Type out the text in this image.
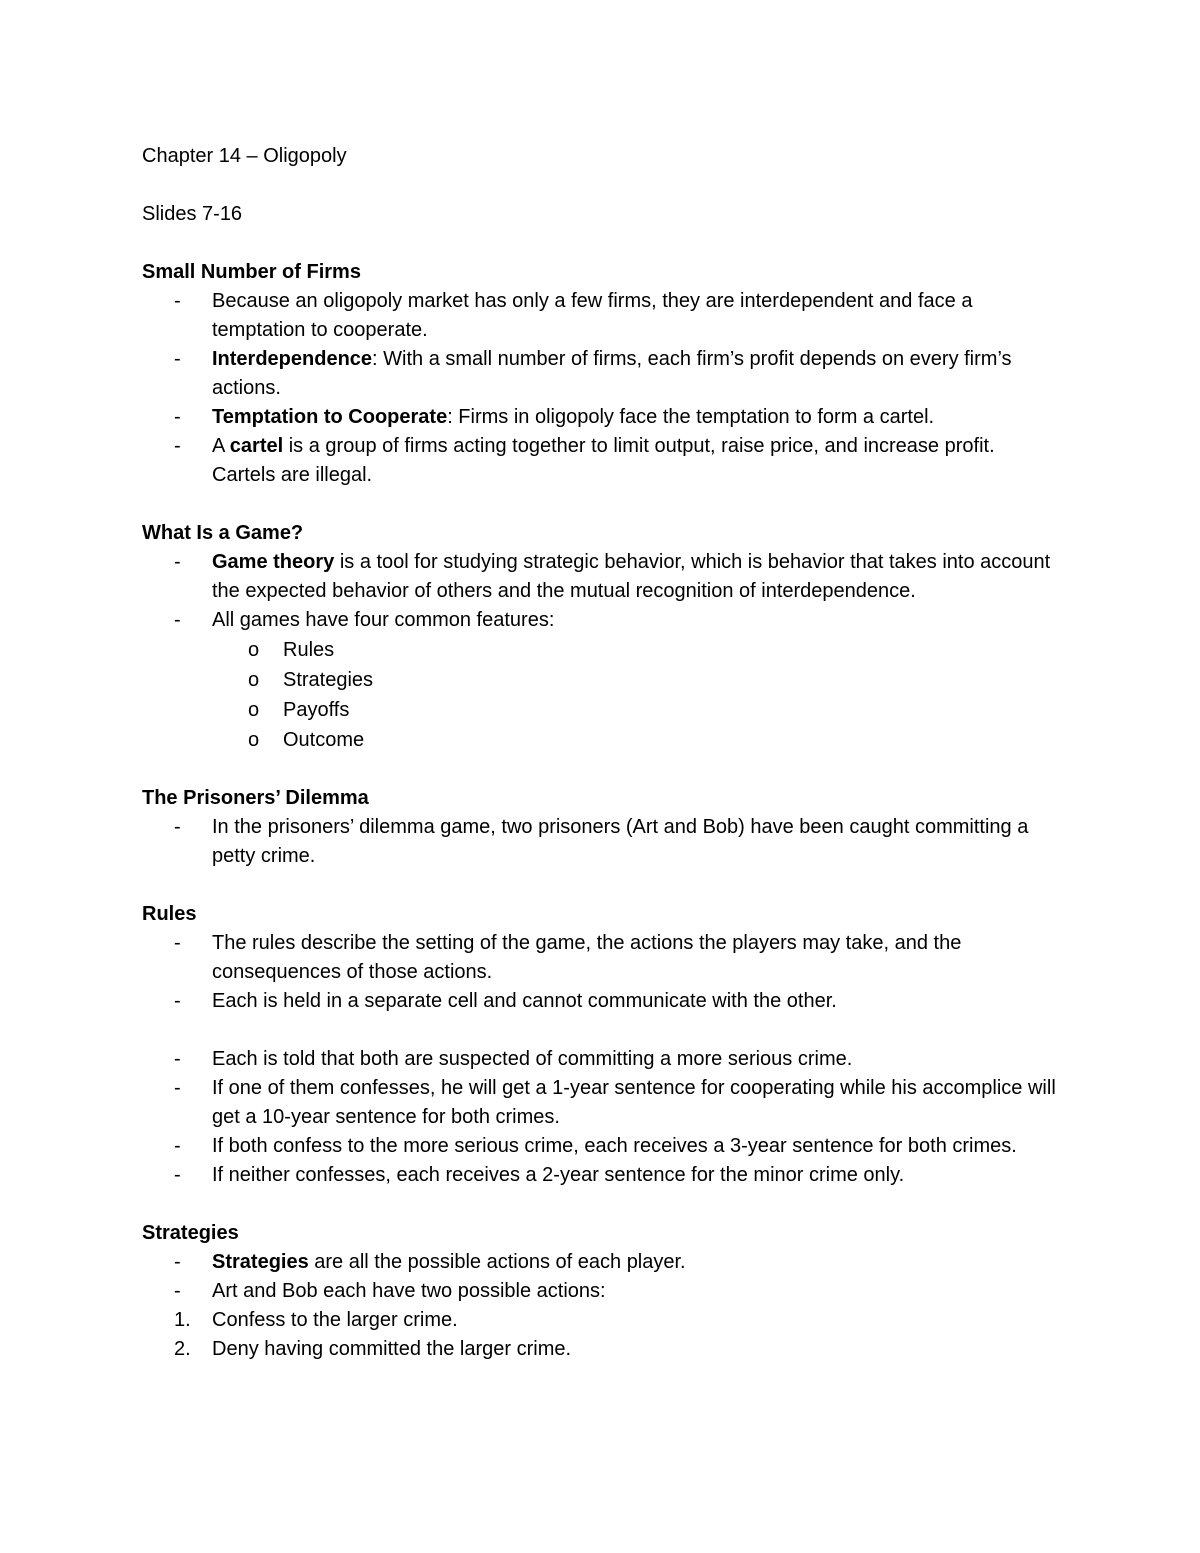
Chapter 14 – Oligopoly

Slides 7-16

Small Number of Firms

- Because an oligopoly market has only a few firms, they are interdependent and face a temptation to cooperate.
- Interdependence: With a small number of firms, each firm’s profit depends on every firm’s actions.
- Temptation to Cooperate: Firms in oligopoly face the temptation to form a cartel.
- A cartel is a group of firms acting together to limit output, raise price, and increase profit. Cartels are illegal.

What Is a Game?

- Game theory is a tool for studying strategic behavior, which is behavior that takes into account the expected behavior of others and the mutual recognition of interdependence.
- All games have four common features:
o Rules
o Strategies
o Payoffs
o Outcome

The Prisoners’ Dilemma

- In the prisoners’ dilemma game, two prisoners (Art and Bob) have been caught committing a petty crime.

Rules

- The rules describe the setting of the game, the actions the players may take, and the consequences of those actions.
- Each is held in a separate cell and cannot communicate with the other.
- Each is told that both are suspected of committing a more serious crime.
- If one of them confesses, he will get a 1-year sentence for cooperating while his accomplice will get a 10-year sentence for both crimes.
- If both confess to the more serious crime, each receives a 3-year sentence for both crimes.
- If neither confesses, each receives a 2-year sentence for the minor crime only.

Strategies

- Strategies are all the possible actions of each player.
- Art and Bob each have two possible actions:
1. Confess to the larger crime.
2. Deny having committed the larger crime.
